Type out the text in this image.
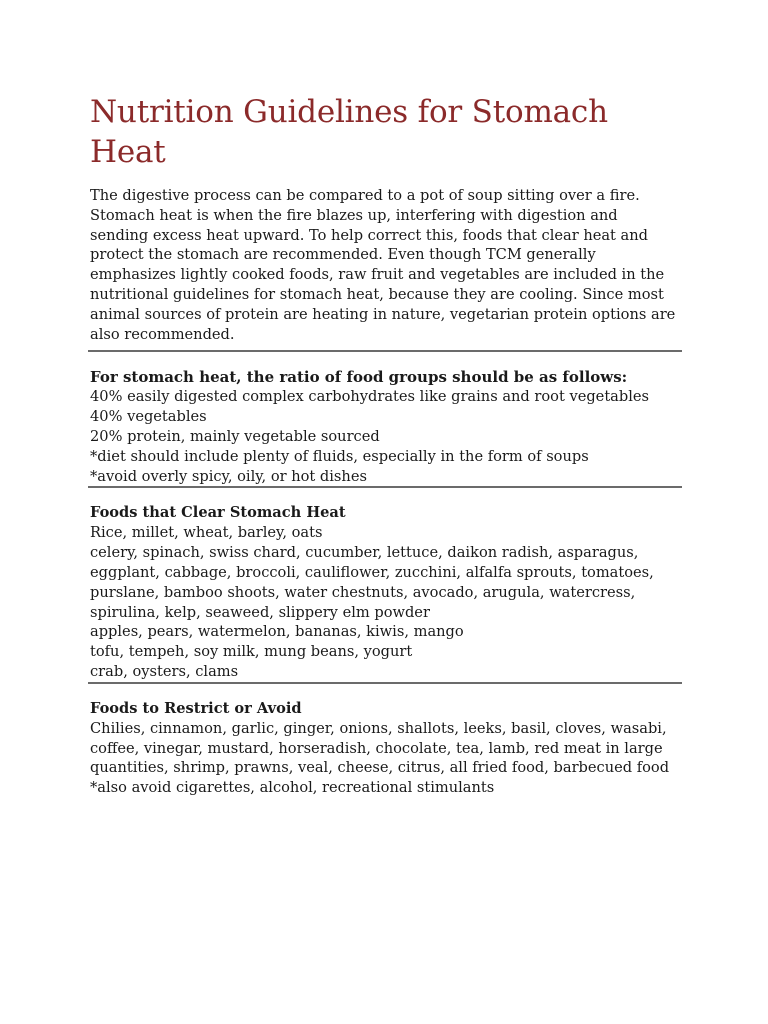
Nutrition Guidelines for Stomach Heat

The digestive process can be compared to a pot of soup sitting over a fire.

Stomach heat is when the fire blazes up, interfering with digestion and

sending excess heat upward. To help correct this, foods that clear heat and

protect the stomach are recommended. Even though TCM generally

emphasizes lightly cooked foods, raw fruit and vegetables are included in the

nutritional guidelines for stomach heat, because they are cooling. Since most

animal sources of protein are heating in nature, vegetarian protein options are

also recommended.

For stomach heat, the ratio of food groups should be as follows:

40% easily digested complex carbohydrates like grains and root vegetables

40% vegetables

20% protein, mainly vegetable sourced

*diet should include plenty of fluids, especially in the form of soups

*avoid overly spicy, oily, or hot dishes

Foods that Clear Stomach Heat

Rice, millet, wheat, barley, oats

celery, spinach, swiss chard, cucumber, lettuce, daikon radish, asparagus,

eggplant, cabbage, broccoli, cauliflower, zucchini, alfalfa sprouts, tomatoes,

purslane, bamboo shoots, water chestnuts, avocado, arugula, watercress,

spirulina, kelp, seaweed, slippery elm powder

apples, pears, watermelon, bananas, kiwis, mango

tofu, tempeh, soy milk, mung beans, yogurt

crab, oysters, clams

Foods to Restrict or Avoid

Chilies, cinnamon, garlic, ginger, onions, shallots, leeks, basil, cloves, wasabi,

coffee, vinegar, mustard, horseradish, chocolate, tea, lamb, red meat in large

quantities, shrimp, prawns, veal, cheese, citrus, all fried food, barbecued food

*also avoid cigarettes, alcohol, recreational stimulants
